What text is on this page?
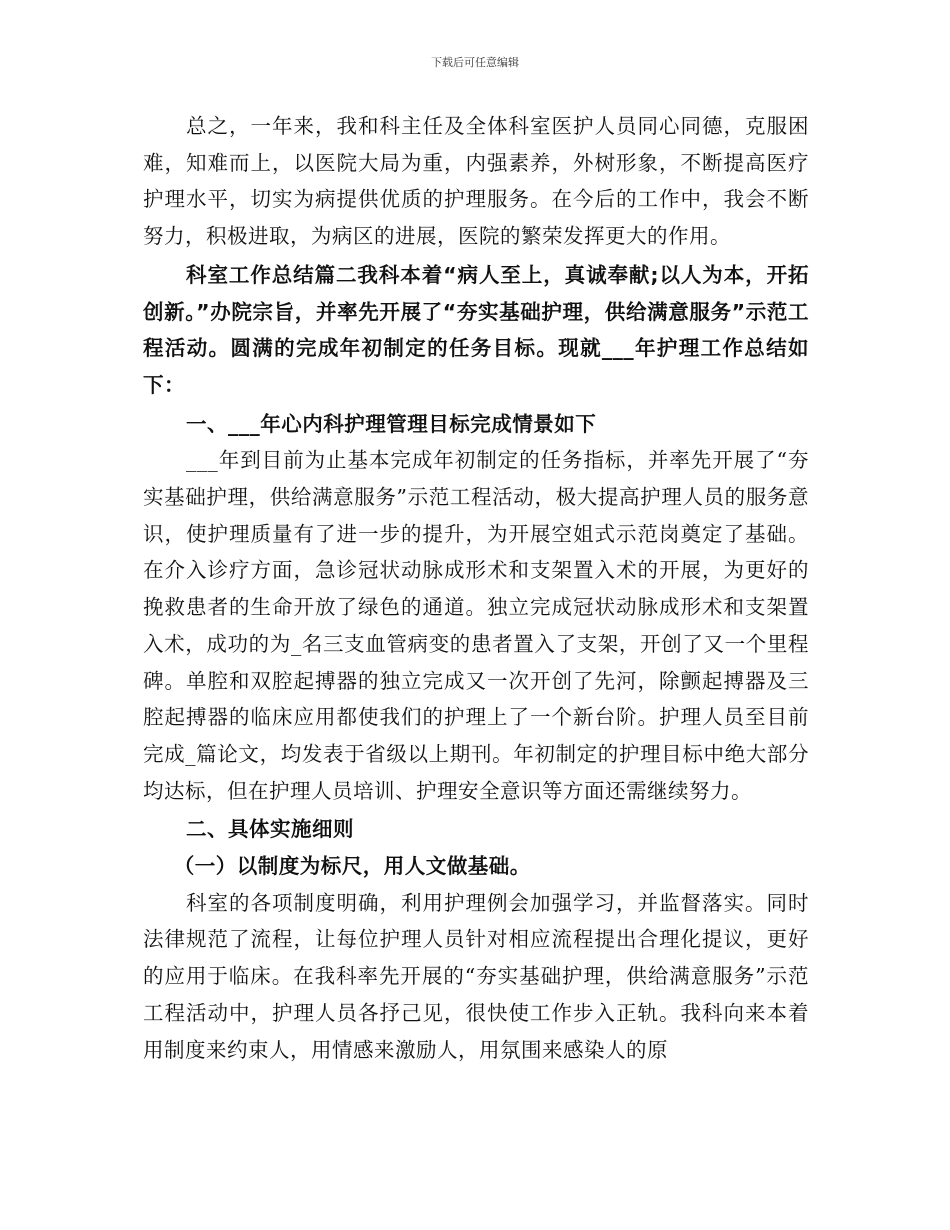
下载后可任意编辑

总之，一年来，我和科主任及全体科室医护人员同心同德，克服困难，知难而上，以医院大局为重，内强素养，外树形象，不断提高医疗护理水平，切实为病提供优质的护理服务。在今后的工作中，我会不断努力，积极进取，为病区的进展，医院的繁荣发挥更大的作用。

科室工作总结篇二我科本着“病人至上，真诚奉献;以人为本，开拓创新。”办院宗旨，并率先开展了“夯实基础护理，供给满意服务”示范工程活动。圆满的完成年初制定的任务目标。现就___年护理工作总结如下：

一、___年心内科护理管理目标完成情景如下

___年到目前为止基本完成年初制定的任务指标，并率先开展了“夯实基础护理，供给满意服务”示范工程活动，极大提高护理人员的服务意识，使护理质量有了进一步的提升，为开展空姐式示范岗奠定了基础。在介入诊疗方面，急诊冠状动脉成形术和支架置入术的开展，为更好的挽救患者的生命开放了绿色的通道。独立完成冠状动脉成形术和支架置入术，成功的为_名三支血管病变的患者置入了支架，开创了又一个里程碑。单腔和双腔起搏器的独立完成又一次开创了先河，除颤起搏器及三腔起搏器的临床应用都使我们的护理上了一个新台阶。护理人员至目前完成_篇论文，均发表于省级以上期刊。年初制定的护理目标中绝大部分均达标，但在护理人员培训、护理安全意识等方面还需继续努力。

二、具体实施细则

（一）以制度为标尺，用人文做基础。

科室的各项制度明确，利用护理例会加强学习，并监督落实。同时法律规范了流程，让每位护理人员针对相应流程提出合理化提议，更好的应用于临床。在我科率先开展的“夯实基础护理，供给满意服务”示范工程活动中，护理人员各抒己见，很快使工作步入正轨。我科向来本着用制度来约束人，用情感来激励人，用氛围来感染人的原
